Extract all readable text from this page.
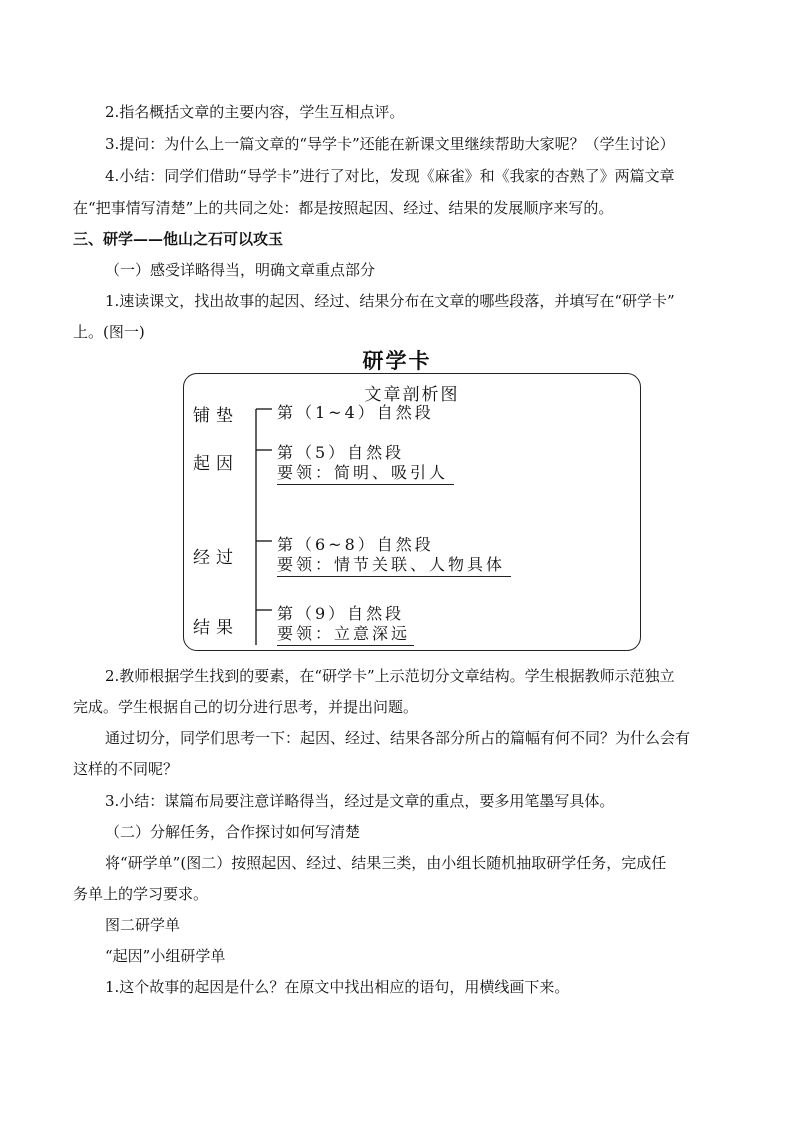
2.指名概括文章的主要内容，学生互相点评。
3.提问：为什么上一篇文章的“导学卡”还能在新课文里继续帮助大家呢？（学生讨论）
4.小结：同学们借助“导学卡”进行了对比，发现《麻雀》和《我家的杏熟了》两篇文章
在“把事情写清楚”上的共同之处：都是按照起因、经过、结果的发展顺序来写的。
三、研学——他山之石可以攻玉
（一）感受详略得当，明确文章重点部分
1.速读课文，找出故事的起因、经过、结果分布在文章的哪些段落，并填写在“研学卡”
上。(图一)
研学卡
文章剖析图
铺垫
起因
经过
结果
第（1~4）自然段
第（5）自然段
要领：简明、吸引人
第（6~8）自然段
要领：情节关联、人物具体
第（9）自然段
要领：立意深远
2.教师根据学生找到的要素，在“研学卡”上示范切分文章结构。学生根据教师示范独立
完成。学生根据自己的切分进行思考，并提出问题。
通过切分，同学们思考一下：起因、经过、结果各部分所占的篇幅有何不同？为什么会有
这样的不同呢？
3.小结：谋篇布局要注意详略得当，经过是文章的重点，要多用笔墨写具体。
（二）分解任务，合作探讨如何写清楚
将“研学单”(图二）按照起因、经过、结果三类，由小组长随机抽取研学任务，完成任
务单上的学习要求。
图二研学单
“起因”小组研学单
1.这个故事的起因是什么？在原文中找出相应的语句，用横线画下来。
